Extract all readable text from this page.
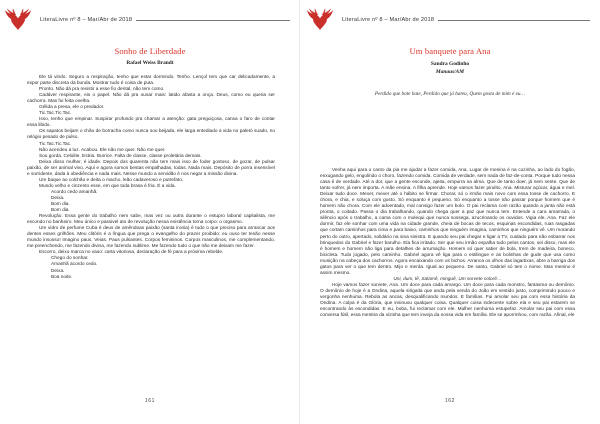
LiteraLivre nº 8 – Mar/Abr de 2018
Sonho de Liberdade
Rafael Weiss Brandt

Ele tá vindo. Seguro a respiração, tenho que estar dormindo. Tenho. Lençol tem que car delicadamente, a expor parte discreta da bunda. Mostrar tudo é coisa de puta.

Pronto. Não dá pra resistir a esse fio dental, não tem como.

Cadáver respirante, eis o papel. Não dá pra ousar mais: latido afasta a onça. Deus, como eu queria ser cachorra. Mas fui feita ovelha.

Gélida a presa, ele o predador.

Tic.Tac.Tic.Tac.

Isso, tenho que empinar. Suspirar profundo pra chamar a atenção: gata preguiçosa, cansa o faro de contar essa libido.

Os sapatos beijam o chão de borracha como nunca sou beijada, ele larga entediado a vida no paletó suado, no relógio pesado de pulso.

Tic.Tac.Tic.Tac.

Não acendeu a luz. Acabou. Ele não me quer. Não me quer.

Sou gorda. Celulite. Estria. Burrice. Falta de classe, classe proletária demais.

Deixa disso mulher, é idade. Depois dos quarenta não tem mais isso de foder gostoso, de gozar, de pulsar paixão, de ser animal vivo. Aqui e agora somos bestas empalhadas, todas. Nada mais. Depósito de porra insensível e sorridente, dada à obediência e nada mais. Nesse mundo a servidão é nos negar a missão divina.

Um baque ao colchão e deita o macho, leão cadaveroso e putrefato.

Mundo velho e cinzento esse, em que toda brasa é fria. É a vida.

Acordo cedo amanhã.

Deixa.

Bom dia.

Bom dia.

Revolução. Essa gente do trabalho nem sabe, mas vez ou outra durante o estupro laboral capitalista, me escondo no banheiro. Meu único e passivel ato de revolução nessa existência torna corpo: o orgasmo.

Um vidro de perfume Cuba é deus de amêndoas paixão (santa ironia) é tudo o que preciso para arrancar aos dentes esses grilhões. Meu clitóris é a língua que prega o evangelho do prazer proibido: eu ouso ter tesão nesse mundo insosso! Imagino paus. Veias. Paus pulsantes. Corpos femininos. Corpos masculinos, me complementando, me preenchendo, me fazendo divina, me fazendo sublime. Me fazendo tudo o que não me deixam me fazer.

Escorro, deixo marca no vaso: carta vitoriosa, declaração de fé para a próxima rebelde.

Chego do sonhar.

Amanhã acordo cedo.

Deixa.

Boa noite.

161
LiteraLivre nº 8 – Mar/Abr de 2018
Um banquete para Ana
Sandra Godinho
Manaus/AM
Perdido que bate bate, Perdido que já bateu, Quem gosta de mim é eu…

Venha aqui para o canto da pia me ajudar a fazer comida, Ana. Lugar de menina é na cozinha, ao lado do fogão, enxugando gelo, engolindo o choro, fazendo comida. Comida de verdade, sem nada de faz-de-conta. Porque tudo nessa casa é de verdade. Até a dor, que a gente esconde, ajeita, empurra na alma. Que de tanto doer, já nem sente. Que de tanto sofrer, já nem importa. A mãe ensina. A filha aprende. Hoje vamos fazer pirulito, Ana. Misturar açúcar, água e mel. Deixar tudo doce. Mexer, mexer até o hábito se firmar. Chorar, só o irmão mais novo com essa tosse de cachorro. E chora, e chia, e soluça com gosto. Só enquanto é pequeno. Só enquanto a tosse não passar porque homem que é homem não chora. Com ele adoentado, mal consigo fazer um bolo. O pai reclama com razão quando a janta não está pronta, o coitado. Passa o dia trabalhando, quando chega quer a paz que nunca tem. Entende a cara amarrada, o silêncio após o trabalho, a cama com o molequi que nunca sossega, azucrinando os ouvidos. Vigia ele, Ana. Faz ele dormir, faz ele sonhar com uma vida na cidade grande, cheia de bocas de tecos, esquinas escondidas, ruas rasgadas que cortam caminhos para cima e para baixo, caminhos que ninguém imagina, caminhos que ninguém vê. Um morando perto do outro, apertado, solidário na sina sinistra. E quando seu pai chegar e ligar a TV, cuidado para não esbarrar nos brinquedos do Gabriel e fazer barulho. Ela fica irritado. Ser que seu irmão espalha tudo pelos cantos, sei disso, mas ele é homem e homem não liga para detalhes de arrumação. Homem só quer saber de bola, trem de madeira, boneco, bicicleta. Tudo jogado, pelo caminho. Gabriel agora vê liga para o estilingue e as bolinhas de gude que usa como munição na cabeça dos cachorros. Agora encaixando com os bichos. Arranca os olhos das lagartixas, abre a barriga dos gatos para ver o que tem dentro. Mijo e merda. Igual ao pequeno. De santo, Gabriel só tem o nome. Mas menino é assim mesmo.

Uni, duni, tê, Salamê, minguê, Um sorvete colorê…

Hoje vamos fazer sorvete, Ana. Um doce para cada amargo. Um doce para cada monstro, fantasma ou demônio. O demônio de hoje é a Ondina, aquela sirigaita que anda pela venda do João em vestido justo, comprimindo pouco e vergonha nenhuma. Rebola as ancas, desqualificando mundos. E famílias. Fui amolar seu pai com essa história da Ondina. A culpa é da Glória, que insinuou qualquer coisa. Qualquer coisa indecente sobre ela e seu pai estarem se encontrando às escondidas. E eu, boba, fui reclamar com ele. Mulher nenhuma estupefaz. Amolar seu pai com essa conversa fútil, essa mentira da vizinha que tem inveja da nossa vida em família. Ele se aporrinhou, com razão. Afinal, ele

162
